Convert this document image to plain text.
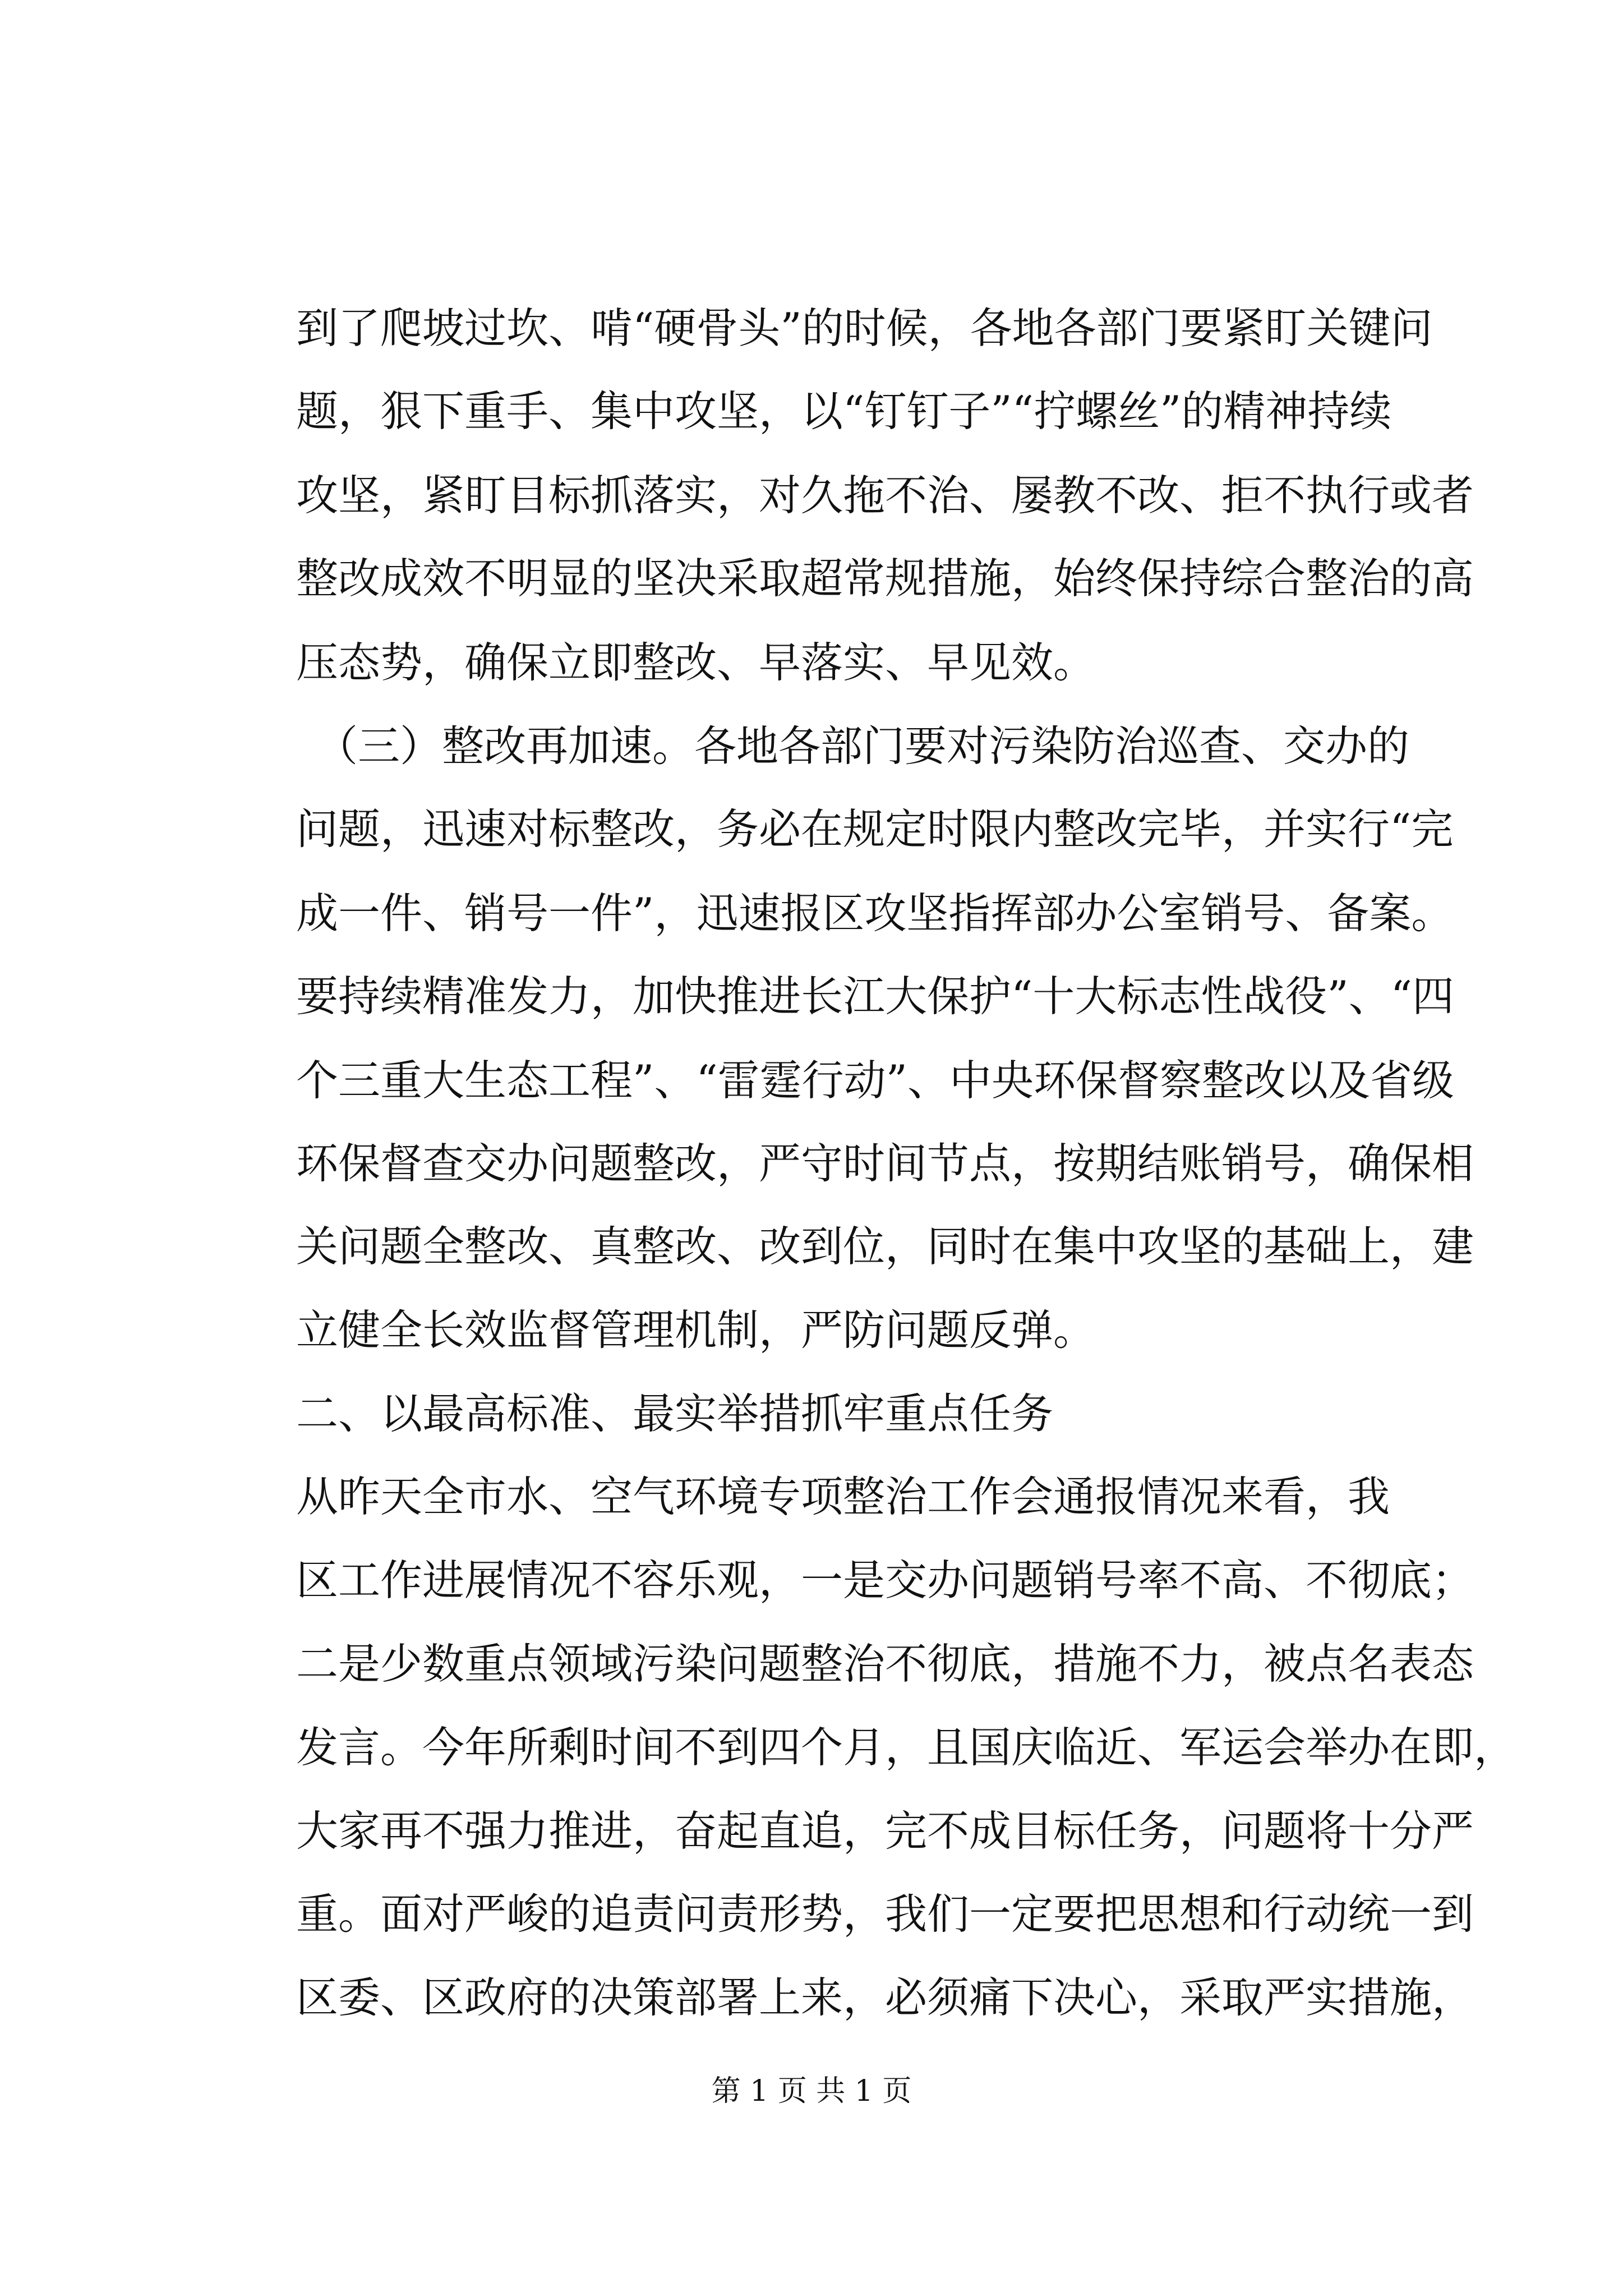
到了爬坡过坎、啃“硬骨头”的时候，各地各部门要紧盯关键问
题，狠下重手、集中攻坚，以“钉钉子”“拧螺丝”的精神持续
攻坚，紧盯目标抓落实，对久拖不治、屡教不改、拒不执行或者
整改成效不明显的坚决采取超常规措施，始终保持综合整治的高
压态势，确保立即整改、早落实、早见效。
（三）整改再加速。各地各部门要对污染防治巡查、交办的
问题，迅速对标整改，务必在规定时限内整改完毕，并实行“完
成一件、销号一件”，迅速报区攻坚指挥部办公室销号、备案。
要持续精准发力，加快推进长江大保护“十大标志性战役”、“四
个三重大生态工程”、“雷霆行动”、中央环保督察整改以及省级
环保督查交办问题整改，严守时间节点，按期结账销号，确保相
关问题全整改、真整改、改到位，同时在集中攻坚的基础上，建
立健全长效监督管理机制，严防问题反弹。
二、以最高标准、最实举措抓牢重点任务
从昨天全市水、空气环境专项整治工作会通报情况来看，我
区工作进展情况不容乐观，一是交办问题销号率不高、不彻底；
二是少数重点领域污染问题整治不彻底，措施不力，被点名表态
发言。今年所剩时间不到四个月，且国庆临近、军运会举办在即，
大家再不强力推进，奋起直追，完不成目标任务，问题将十分严
重。面对严峻的追责问责形势，我们一定要把思想和行动统一到
区委、区政府的决策部署上来，必须痛下决心，采取严实措施，
第 1 页 共 1 页
